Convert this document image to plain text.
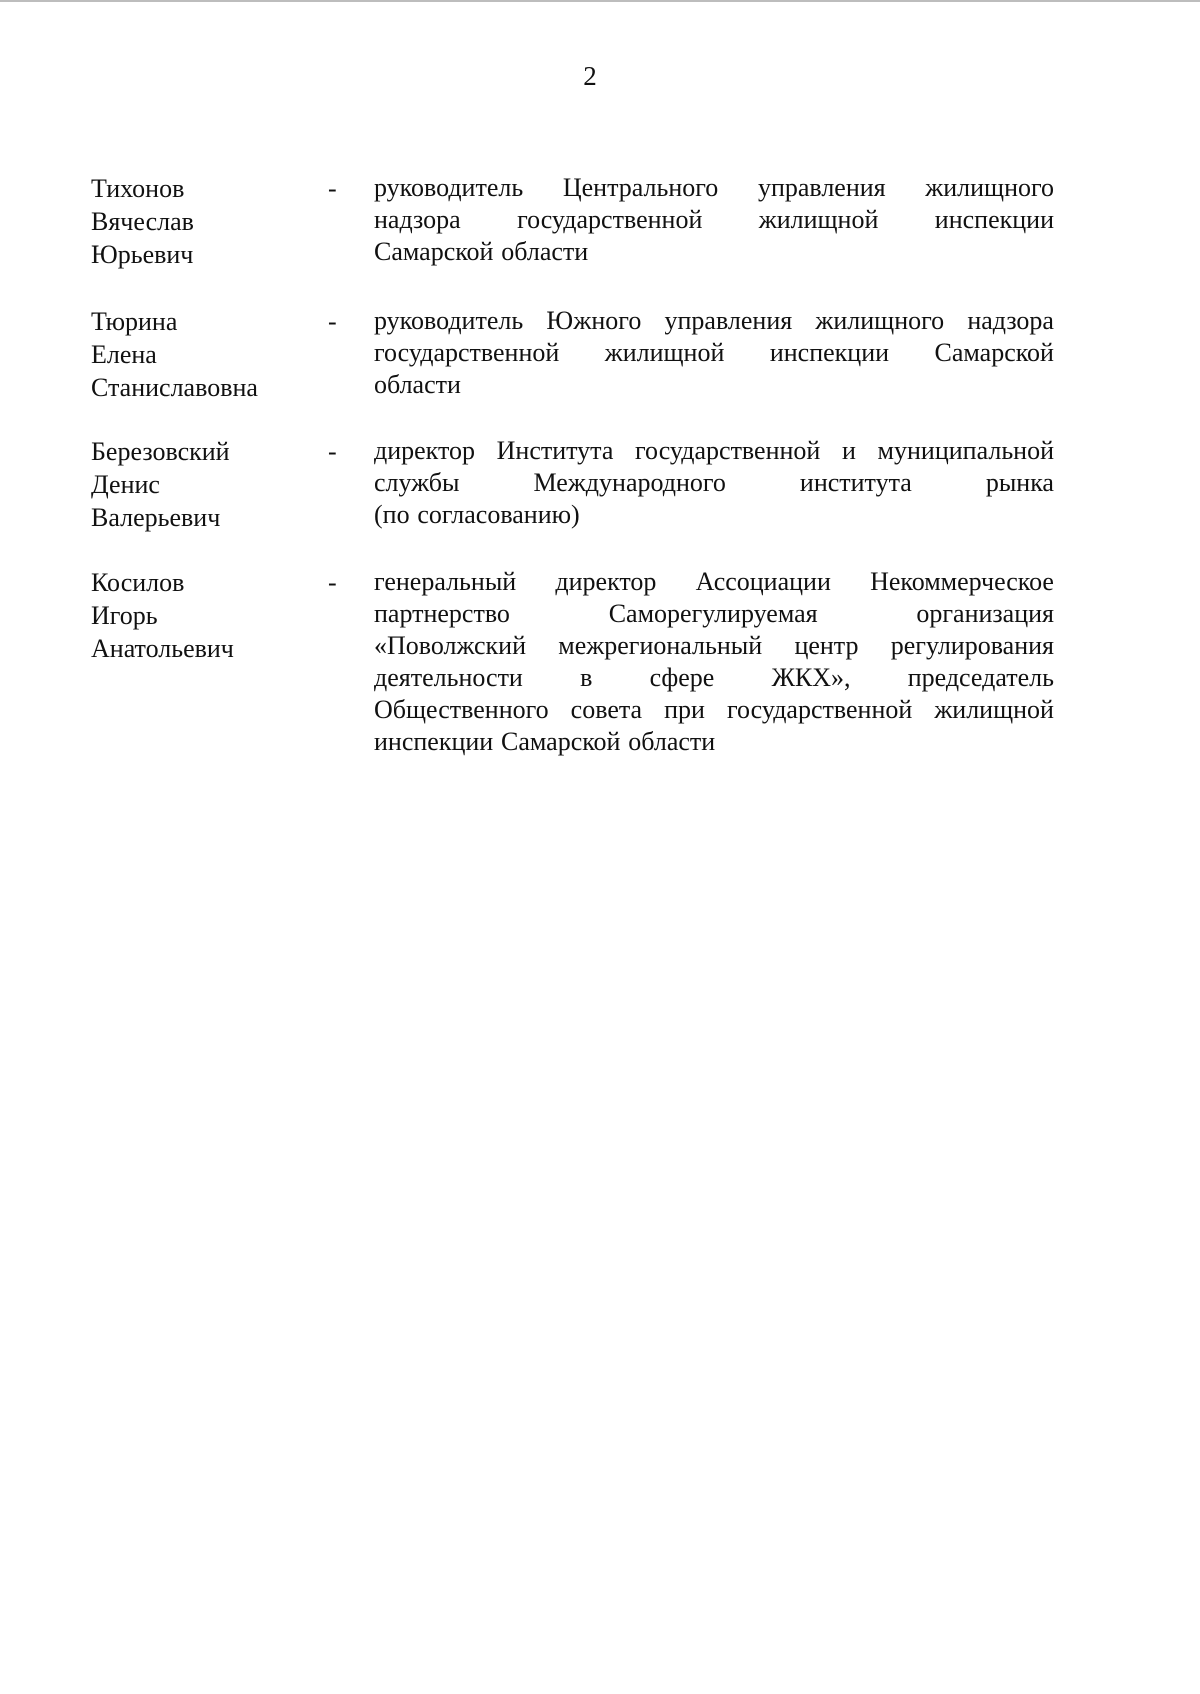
2
Тихонов
Вячеслав
Юрьевич
- руководитель Центрального управления жилищного
надзора государственной жилищной инспекции
Самарской области
Тюрина
Елена
Станиславовна
- руководитель Южного управления жилищного надзора
государственной жилищной инспекции Самарской
области
Березовский
Денис
Валерьевич
- директор Института государственной и муниципальной
службы	Международного	института	рынка
(по согласованию)
Косилов
Игорь
Анатольевич
- генеральный директор Ассоциации Некоммерческое
партнерство	Саморегулируемая	организация
«Поволжский межрегиональный центр регулирования
деятельности в сфере ЖКХ», председатель
Общественного совета при государственной жилищной
инспекции Самарской области
